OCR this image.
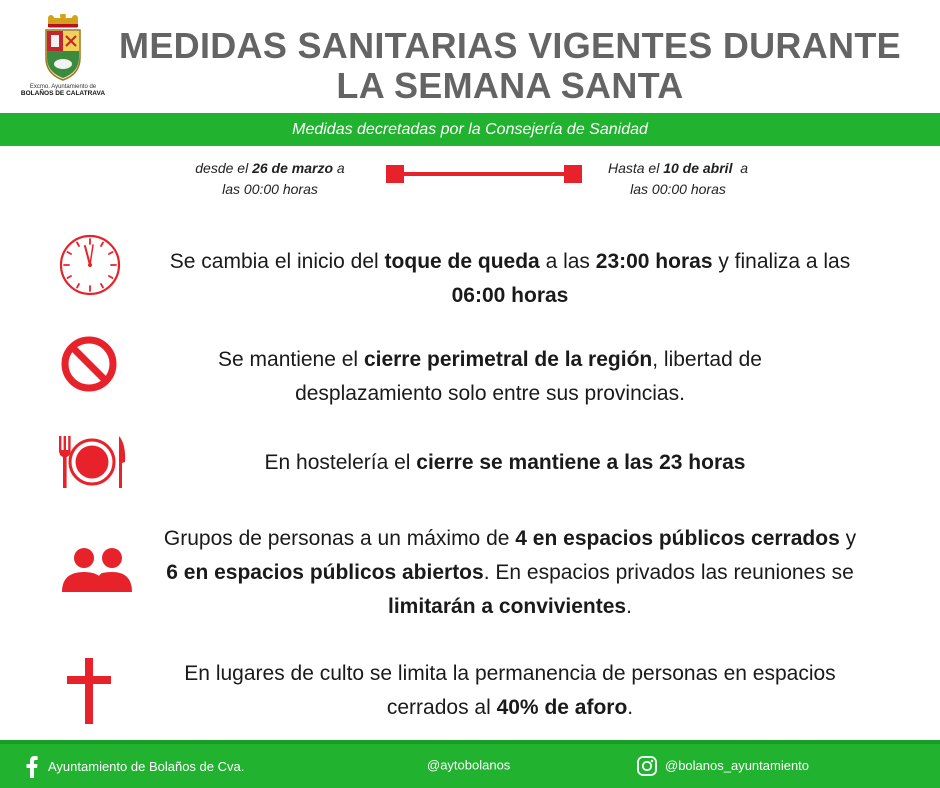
Excmo. Ayuntamiento de
BOLAÑOS DE CALATRAVA
MEDIDAS SANITARIAS VIGENTES DURANTE
LA SEMANA SANTA
Medidas decretadas por la Consejería de Sanidad
desde el 26 de marzo a
las 00:00 horas
Hasta el 10 de abril  a
las 00:00 horas
Se cambia el inicio del toque de queda a las 23:00 horas y finaliza a las 06:00 horas
Se mantiene el cierre perimetral de la región, libertad de desplazamiento solo entre sus provincias.
En hostelería el cierre se mantiene a las 23 horas
Grupos de personas a un máximo de 4 en espacios públicos cerrados y 6 en espacios públicos abiertos. En espacios privados las reuniones se limitarán a convivientes.
En lugares de culto se limita la permanencia de personas en espacios cerrados al 40% de aforo.
Ayuntamiento de Bolaños de Cva.	@aytobolanos	@bolanos_ayuntamiento
